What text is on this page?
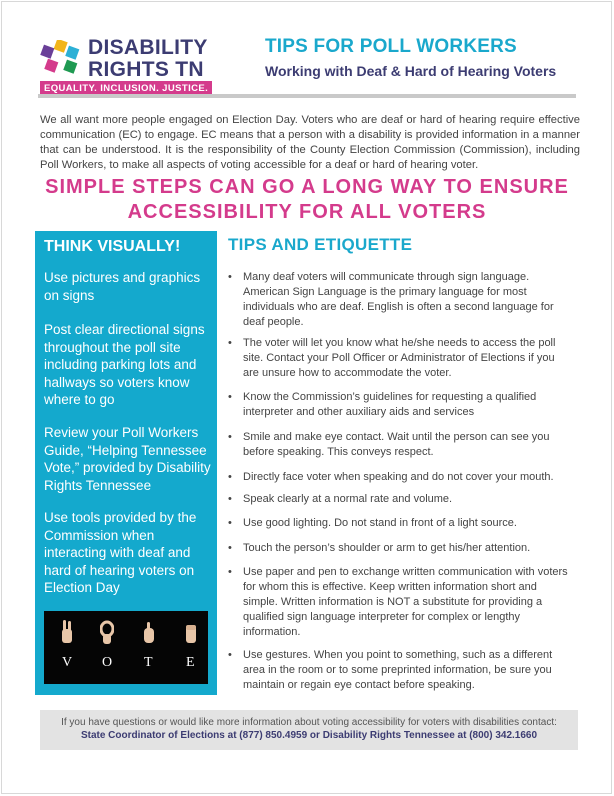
DISABILITY
RIGHTS TN
EQUALITY. INCLUSION. JUSTICE.
TIPS FOR POLL WORKERS
Working with Deaf & Hard of Hearing Voters

We all want more people engaged on Election Day. Voters who are deaf or hard of hearing require effective communication (EC) to engage. EC means that a person with a disability is provided information in a manner that can be understood. It is the responsibility of the County Election Commission (Commission), including Poll Workers, to make all aspects of voting accessible for a deaf or hard of hearing voter.

SIMPLE STEPS CAN GO A LONG WAY TO ENSURE
ACCESSIBILITY FOR ALL VOTERS
THINK VISUALLY!
Use pictures and graphics on signs
Post clear directional signs throughout the poll site including parking lots and hallways so voters know where to go
Review your Poll Workers Guide, “Helping Tennessee Vote,” provided by Disability Rights Tennessee
Use tools provided by the Commission when interacting with deaf and hard of hearing voters on Election Day
V O T E
TIPS AND ETIQUETTE
• Many deaf voters will communicate through sign language. American Sign Language is the primary language for most individuals who are deaf. English is often a second language for deaf people.
• The voter will let you know what he/she needs to access the poll site. Contact your Poll Officer or Administrator of Elections if you are unsure how to accommodate the voter.
• Know the Commission’s guidelines for requesting a qualified interpreter and other auxiliary aids and services
• Smile and make eye contact. Wait until the person can see you before speaking. This conveys respect.
• Directly face voter when speaking and do not cover your mouth.
• Speak clearly at a normal rate and volume.
• Use good lighting. Do not stand in front of a light source.
• Touch the person’s shoulder or arm to get his/her attention.
• Use paper and pen to exchange written communication with voters for whom this is effective. Keep written information short and simple. Written information is NOT a substitute for providing a qualified sign language interpreter for complex or lengthy information.
• Use gestures. When you point to something, such as a different area in the room or to some preprinted information, be sure you maintain or regain eye contact before speaking.
If you have questions or would like more information about voting accessibility for voters with disabilities contact:
State Coordinator of Elections at (877) 850.4959 or Disability Rights Tennessee at (800) 342.1660
